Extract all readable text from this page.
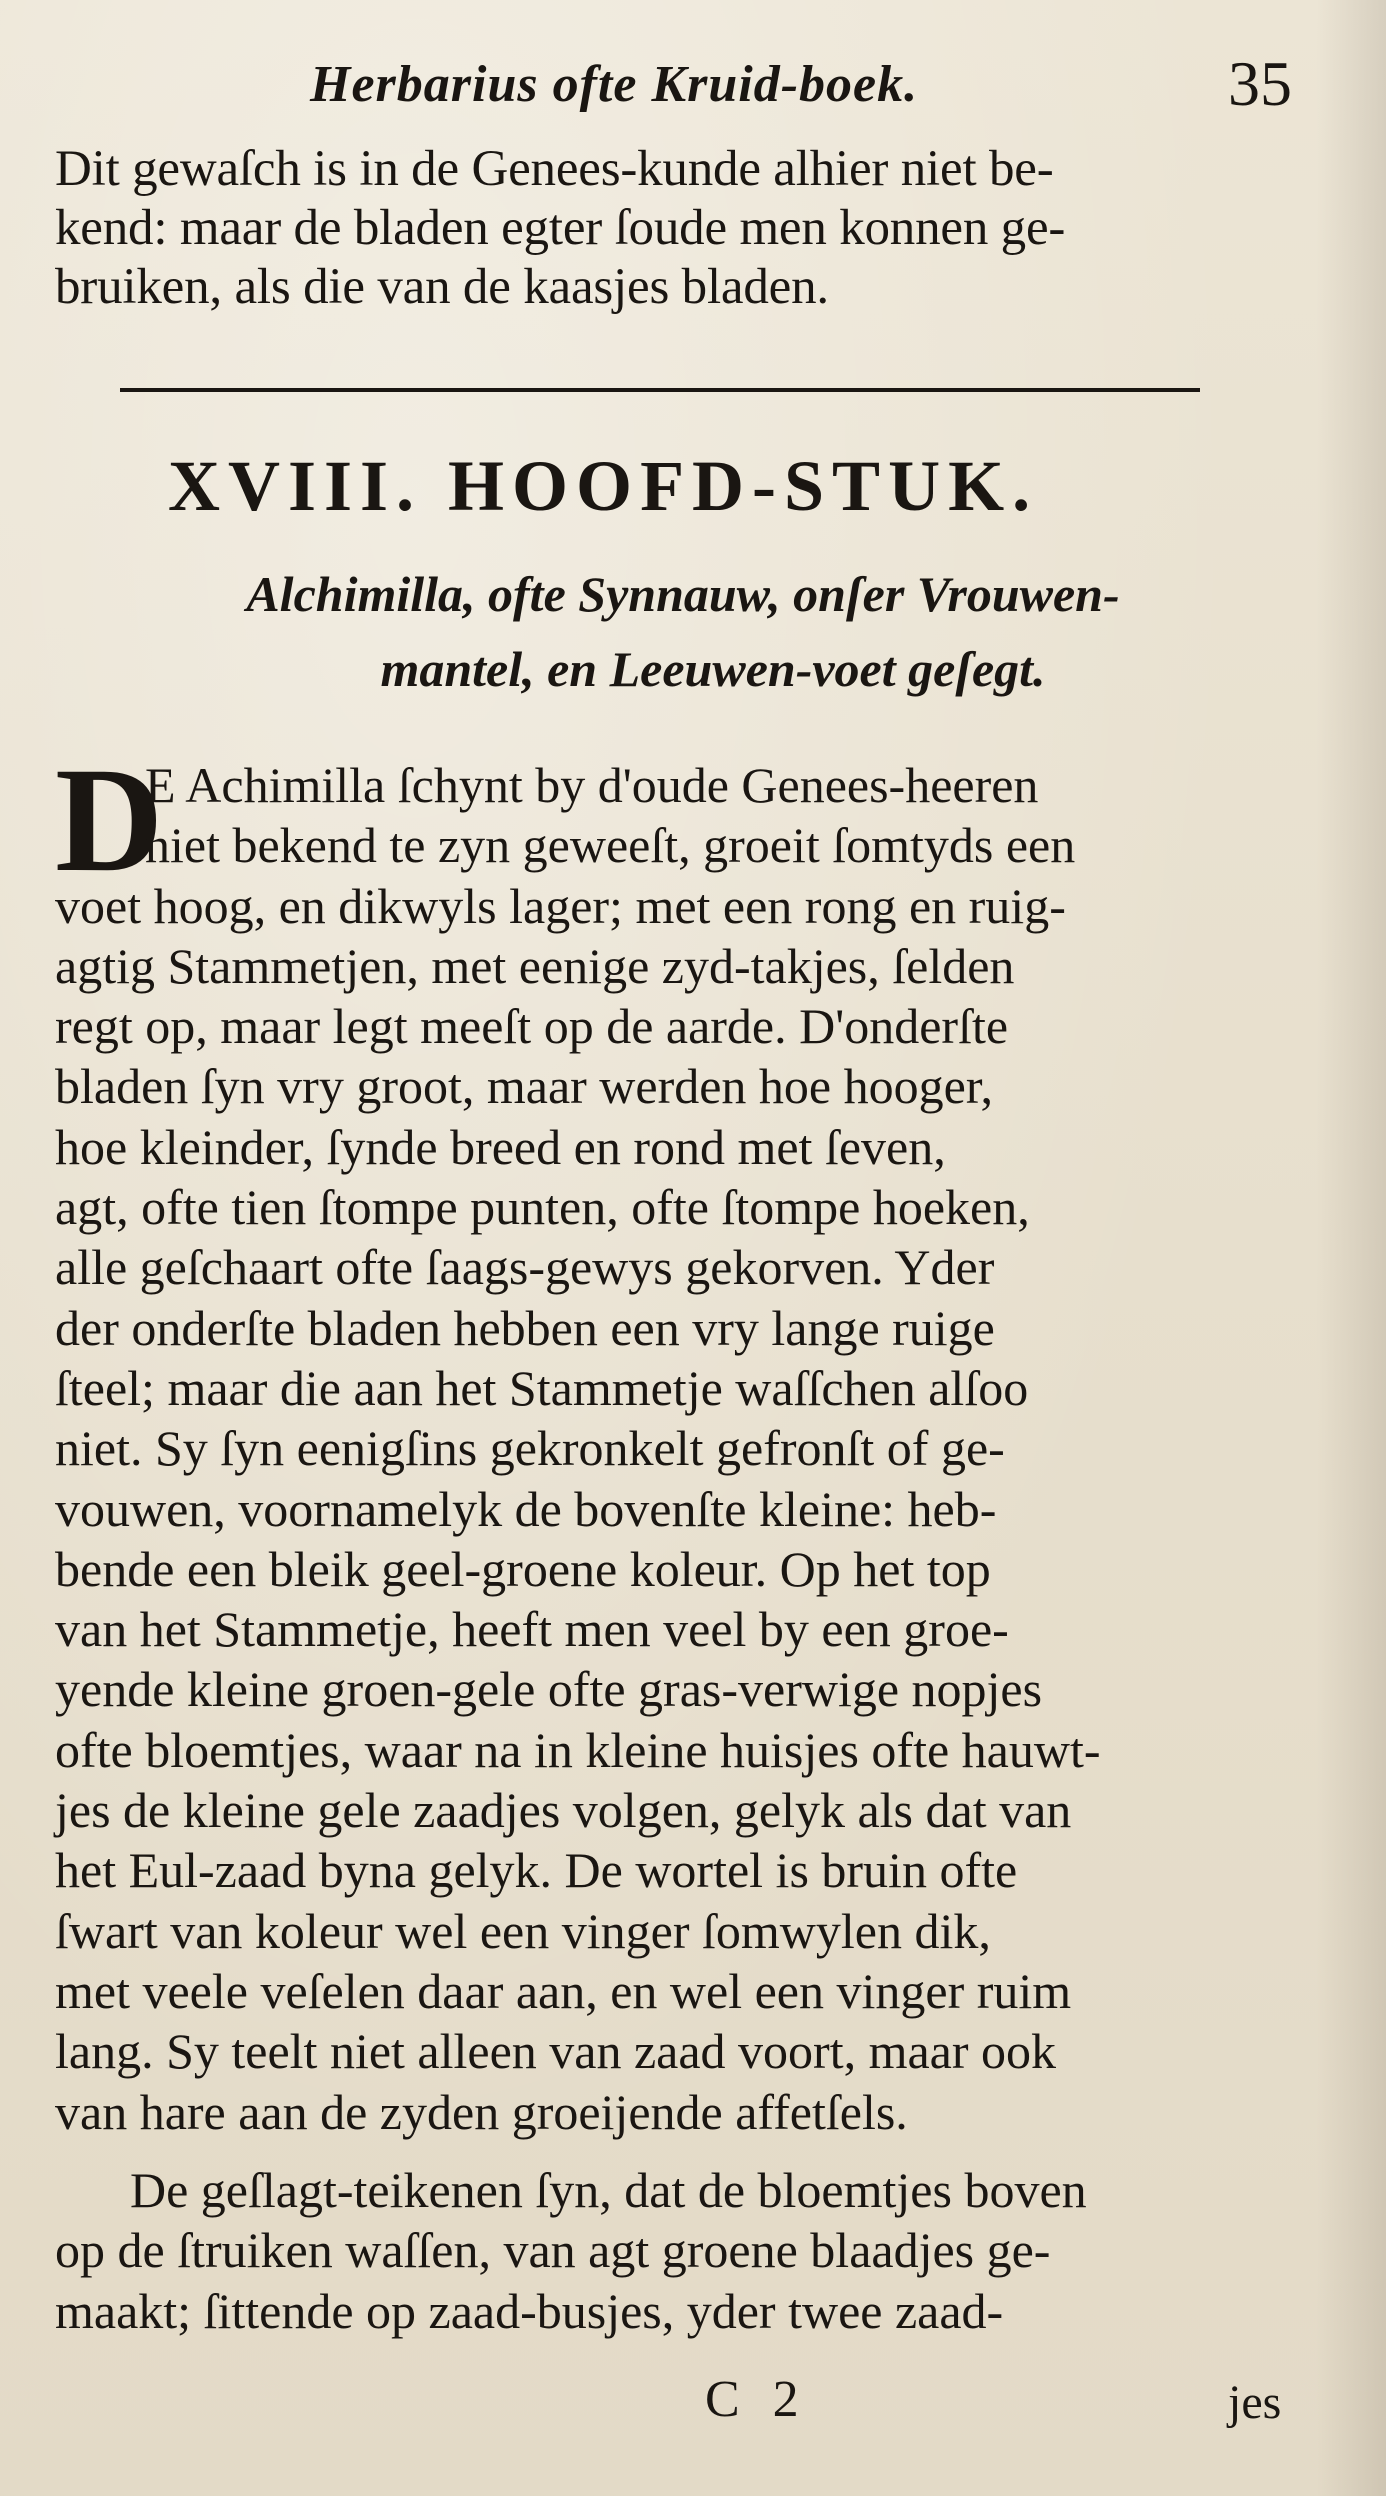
Herbarius ofte Kruid-boek.	35
Dit gewaſch is in de Genees-kunde alhier niet be-
kend: maar de bladen egter ſoude men konnen ge-
bruiken, als die van de kaasjes bladen.
XVIII. HOOFD-STUK.
Alchimilla, ofte Synnauw, onſer Vrouwen-
mantel, en Leeuwen-voet geſegt.
D
E Achimilla ſchynt by d'oude Genees-heeren
niet bekend te zyn geweeſt, groeit ſomtyds een
voet hoog, en dikwyls lager; met een rong en ruig-
agtig Stammetjen, met eenige zyd-takjes, ſelden
regt op, maar legt meeſt op de aarde. D'onderſte
bladen ſyn vry groot, maar werden hoe hooger,
hoe kleinder, ſynde breed en rond met ſeven,
agt, ofte tien ſtompe punten, ofte ſtompe hoeken,
alle geſchaart ofte ſaags-gewys gekorven. Yder
der onderſte bladen hebben een vry lange ruige
ſteel; maar die aan het Stammetje waſſchen alſoo
niet. Sy ſyn eenigſins gekronkelt gefronſt of ge-
vouwen, voornamelyk de bovenſte kleine: heb-
bende een bleik geel-groene koleur. Op het top
van het Stammetje, heeft men veel by een groe-
yende kleine groen-gele ofte gras-verwige nopjes
ofte bloemtjes, waar na in kleine huisjes ofte hauwt-
jes de kleine gele zaadjes volgen, gelyk als dat van
het Eul-zaad byna gelyk. De wortel is bruin ofte
ſwart van koleur wel een vinger ſomwylen dik,
met veele veſelen daar aan, en wel een vinger ruim
lang. Sy teelt niet alleen van zaad voort, maar ook
van hare aan de zyden groeijende affetſels.
De geſlagt-teikenen ſyn, dat de bloemtjes boven
op de ſtruiken waſſen, van agt groene blaadjes ge-
maakt; ſittende op zaad-busjes, yder twee zaad-
C 2	jes
